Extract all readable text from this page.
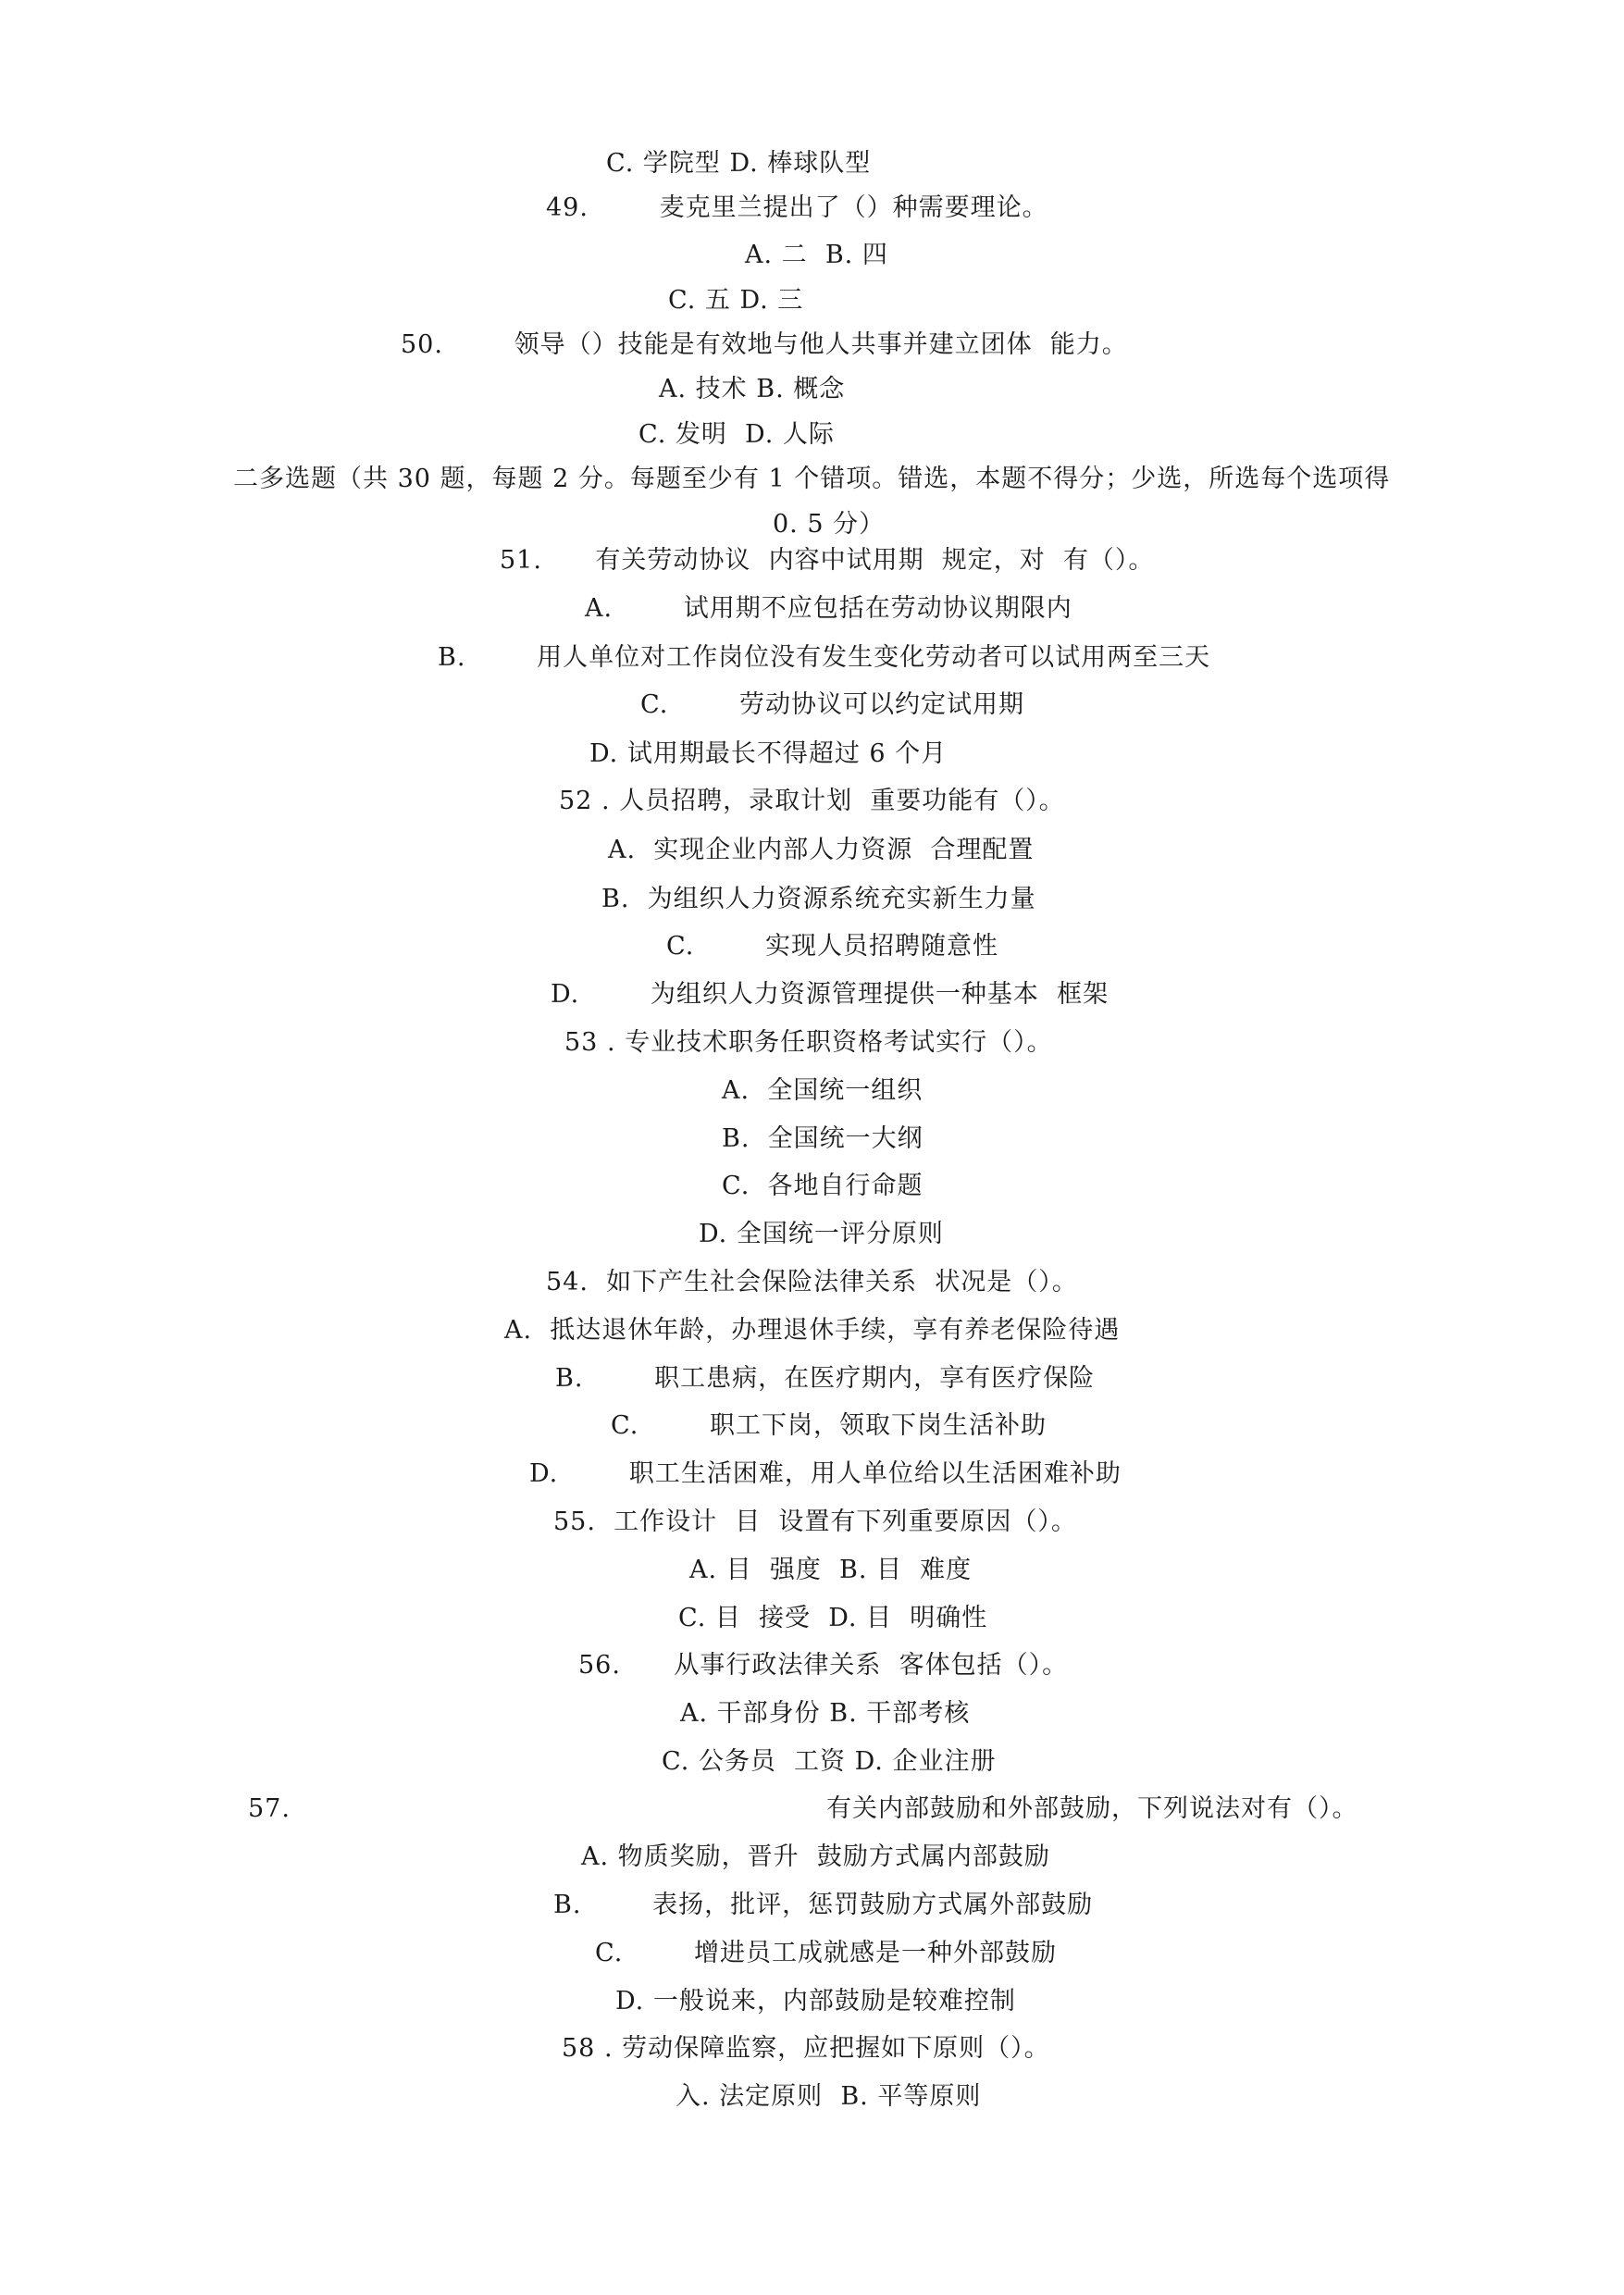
C. 学院型 D. 棒球队型
49.        麦克里兰提出了（）种需要理论。
A. 二  B. 四
C. 五 D. 三
50.        领导（）技能是有效地与他人共事并建立团体  能力。
A. 技术 B. 概念
C. 发明  D. 人际
二多选题（共 30 题，每题 2 分。每题至少有 1 个错项。错选，本题不得分；少选，所选每个选项得
0. 5 分）
51.      有关劳动协议  内容中试用期  规定，对  有（）。
A.        试用期不应包括在劳动协议期限内
B.        用人单位对工作岗位没有发生变化劳动者可以试用两至三天
C.        劳动协议可以约定试用期
D. 试用期最长不得超过 6 个月
52 . 人员招聘，录取计划  重要功能有（）。
A.  实现企业内部人力资源  合理配置
B.  为组织人力资源系统充实新生力量
C.        实现人员招聘随意性
D.        为组织人力资源管理提供一种基本  框架
53 . 专业技术职务任职资格考试实行（）。
A.  全国统一组织
B.  全国统一大纲
C.  各地自行命题
D. 全国统一评分原则
54.  如下产生社会保险法律关系  状况是（）。
A.  抵达退休年龄，办理退休手续，享有养老保险待遇
B.        职工患病，在医疗期内，享有医疗保险
C.        职工下岗，领取下岗生活补助
D.        职工生活困难，用人单位给以生活困难补助
55.  工作设计  目  设置有下列重要原因（）。
A. 目  强度  B. 目  难度
C. 目  接受  D. 目  明确性
56.      从事行政法律关系  客体包括（）。
A. 干部身份 B. 干部考核
C. 公务员  工资 D. 企业注册
57.	有关内部鼓励和外部鼓励，下列说法对有（）。
A. 物质奖励，晋升  鼓励方式属内部鼓励
B.        表扬，批评，惩罚鼓励方式属外部鼓励
C.        增进员工成就感是一种外部鼓励
D. 一般说来，内部鼓励是较难控制
58 . 劳动保障监察，应把握如下原则（）。
入. 法定原则  B. 平等原则
